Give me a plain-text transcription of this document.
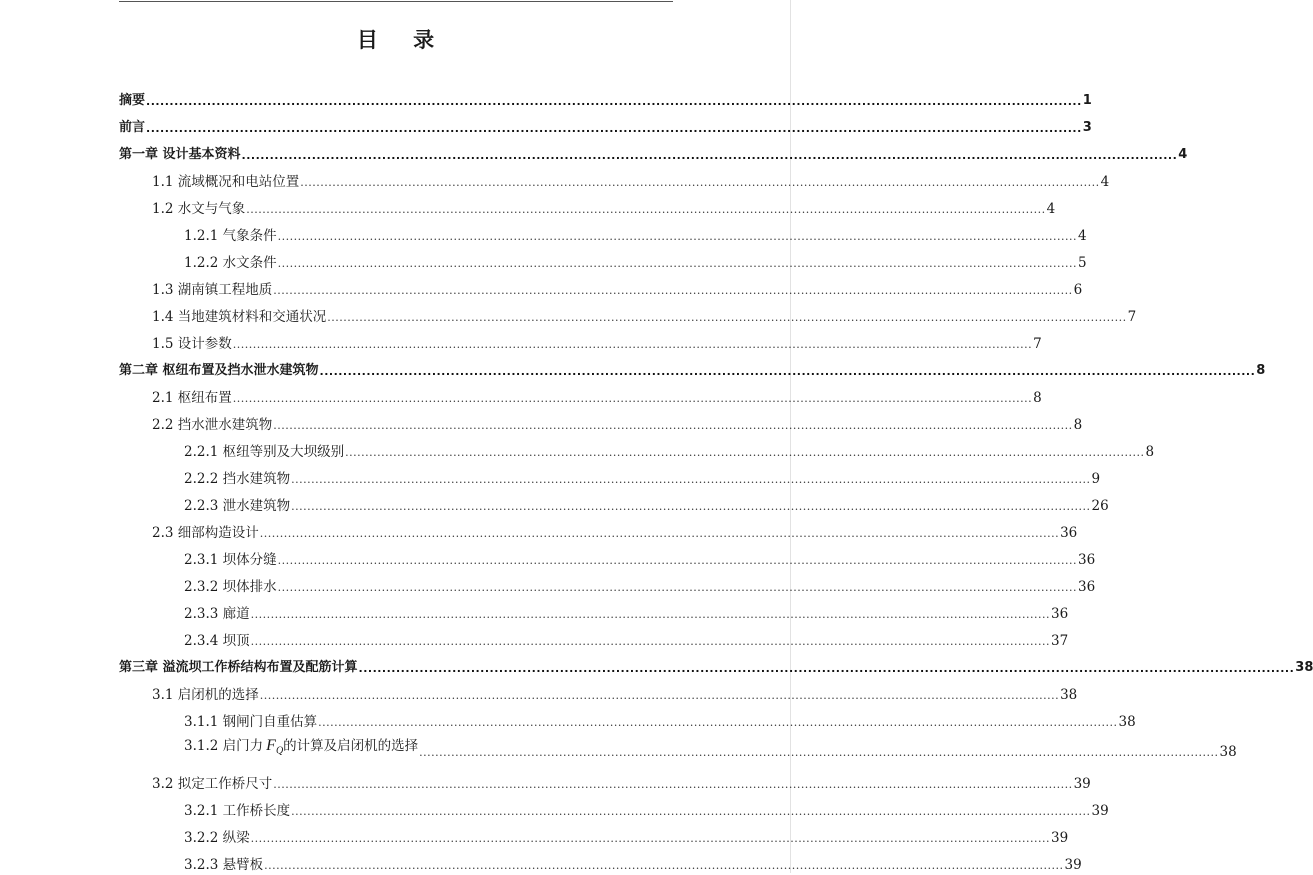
目 录
摘要 ........................................................................................................................................................................................................ 1
前言 ........................................................................................................................................................................................................ 3
第一章 设计基本资料 ........................................................................................................................................................................................................ 4
1.1 流域概况和电站位置 ........................................................................................................................................................................................................ 4
1.2 水文与气象 ........................................................................................................................................................................................................ 4
1.2.1 气象条件 ........................................................................................................................................................................................................ 4
1.2.2 水文条件 ........................................................................................................................................................................................................ 5
1.3 湖南镇工程地质 ........................................................................................................................................................................................................ 6
1.4 当地建筑材料和交通状况 ........................................................................................................................................................................................................ 7
1.5 设计参数 ........................................................................................................................................................................................................ 7
第二章 枢纽布置及挡水泄水建筑物 ........................................................................................................................................................................................................ 8
2.1 枢纽布置 ........................................................................................................................................................................................................ 8
2.2 挡水泄水建筑物 ........................................................................................................................................................................................................ 8
2.2.1 枢纽等别及大坝级别 ........................................................................................................................................................................................................ 8
2.2.2 挡水建筑物 ........................................................................................................................................................................................................ 9
2.2.3 泄水建筑物 ........................................................................................................................................................................................................ 26
2.3 细部构造设计 ........................................................................................................................................................................................................ 36
2.3.1 坝体分缝 ........................................................................................................................................................................................................ 36
2.3.2 坝体排水 ........................................................................................................................................................................................................ 36
2.3.3 廊道 ........................................................................................................................................................................................................ 36
2.3.4 坝顶 ........................................................................................................................................................................................................ 37
第三章 溢流坝工作桥结构布置及配筋计算 ........................................................................................................................................................................................................ 38
3.1 启闭机的选择 ........................................................................................................................................................................................................ 38
3.1.1 钢闸门自重估算 ........................................................................................................................................................................................................ 38
3.1.2 启门力 $F_Q$的计算及启闭机的选择 ........................................................................................................................................................................................................ 38
3.2 拟定工作桥尺寸 ........................................................................................................................................................................................................ 39
3.2.1 工作桥长度 ........................................................................................................................................................................................................ 39
3.2.2 纵梁 ........................................................................................................................................................................................................ 39
3.2.3 悬臂板 ........................................................................................................................................................................................................ 39
